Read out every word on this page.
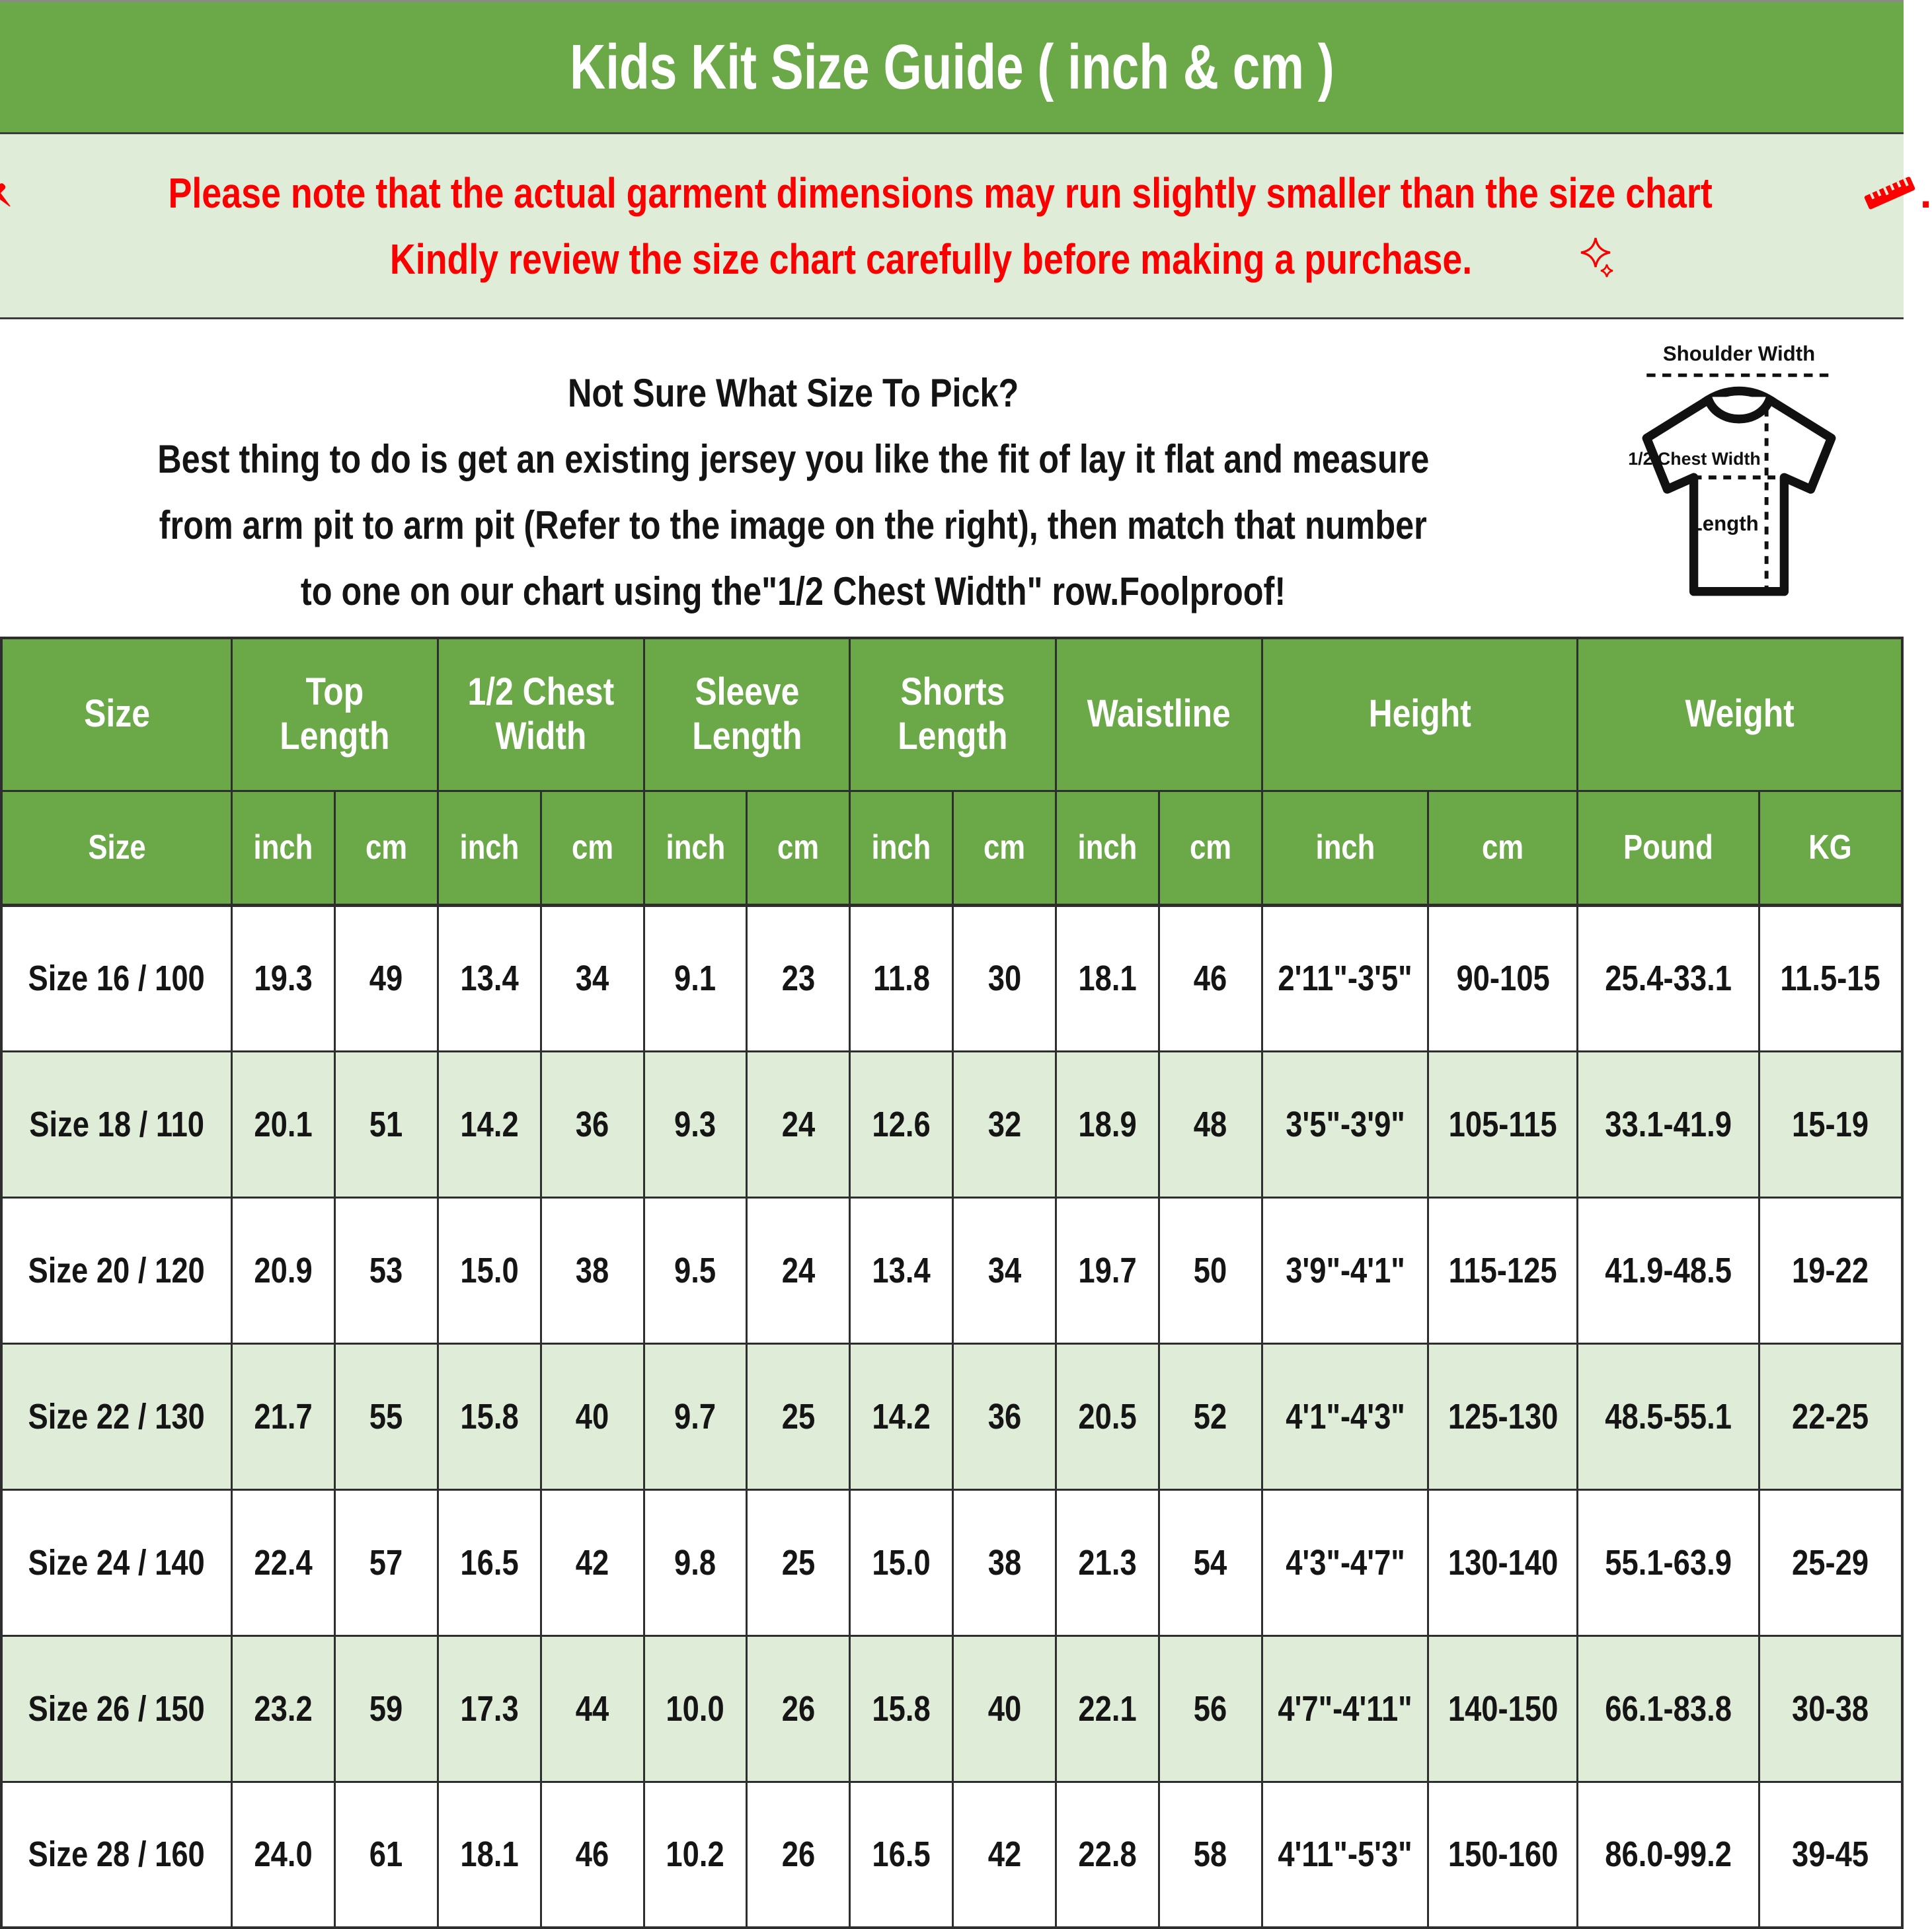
Kids Kit Size Guide ( inch & cm )
Please note that the actual garment dimensions may run slightly smaller than the size chart	.
Kindly review the size chart carefully before making a purchase.
Not Sure What Size To Pick?
Best thing to do is get an existing jersey you like the fit of lay it flat and measure
from arm pit to arm pit (Refer to the image on the right), then match that number
to one on our chart using the"1/2 Chest Width" row.Foolproof!
Shoulder Width
1/2 Chest Width
Length
Size	Top Length		1/2 Chest Width		Sleeve Length		Shorts Length		Waistline		Height		Weight	
Size	inch	cm	inch	cm	inch	cm	inch	cm	inch	cm	inch	cm	Pound	KG
Size 16 / 100	19.3	49	13.4	34	9.1	23	11.8	30	18.1	46	2'11"-3'5"	90-105	25.4-33.1	11.5-15
Size 18 / 110	20.1	51	14.2	36	9.3	24	12.6	32	18.9	48	3'5"-3'9"	105-115	33.1-41.9	15-19
Size 20 / 120	20.9	53	15.0	38	9.5	24	13.4	34	19.7	50	3'9"-4'1"	115-125	41.9-48.5	19-22
Size 22 / 130	21.7	55	15.8	40	9.7	25	14.2	36	20.5	52	4'1"-4'3"	125-130	48.5-55.1	22-25
Size 24 / 140	22.4	57	16.5	42	9.8	25	15.0	38	21.3	54	4'3"-4'7"	130-140	55.1-63.9	25-29
Size 26 / 150	23.2	59	17.3	44	10.0	26	15.8	40	22.1	56	4'7"-4'11"	140-150	66.1-83.8	30-38
Size 28 / 160	24.0	61	18.1	46	10.2	26	16.5	42	22.8	58	4'11"-5'3"	150-160	86.0-99.2	39-45
